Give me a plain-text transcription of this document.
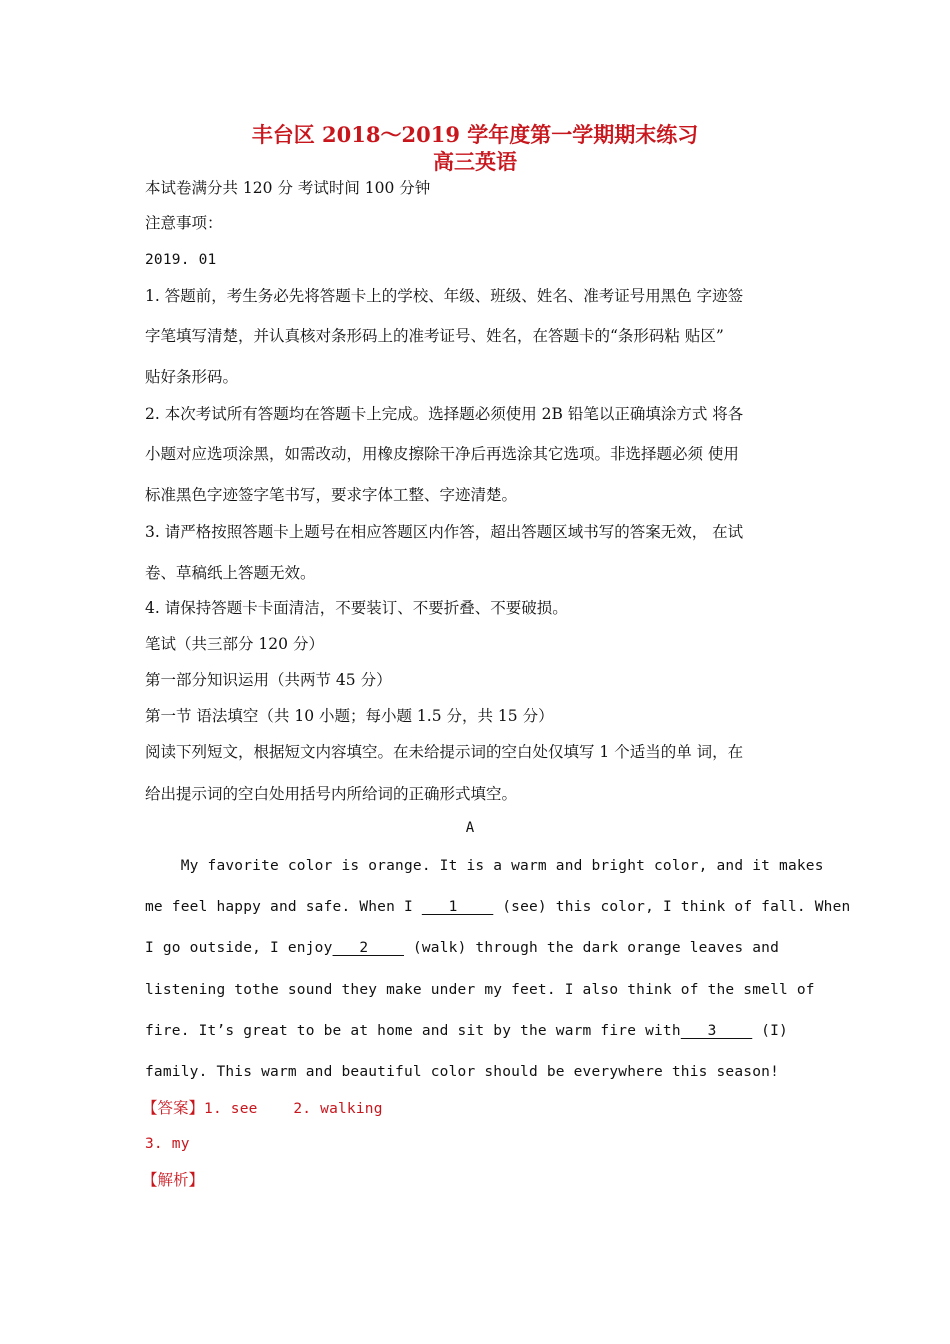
丰台区 2018～2019 学年度第一学期期末练习
高三英语
本试卷满分共 120 分 考试时间 100 分钟
注意事项：
2019. 01
1. 答题前，考生务必先将答题卡上的学校、年级、班级、姓名、准考证号用黑色 字迹签
字笔填写清楚，并认真核对条形码上的准考证号、姓名，在答题卡的“条形码粘 贴区”
贴好条形码。
2. 本次考试所有答题均在答题卡上完成。选择题必须使用 2B 铅笔以正确填涂方式 将各
小题对应选项涂黑，如需改动，用橡皮擦除干净后再选涂其它选项。非选择题必须 使用
标准黑色字迹签字笔书写，要求字体工整、字迹清楚。
3. 请严格按照答题卡上题号在相应答题区内作答，超出答题区域书写的答案无效， 在试
卷、草稿纸上答题无效。
4. 请保持答题卡卡面清洁，不要装订、不要折叠、不要破损。
笔试（共三部分 120 分）
第一部分知识运用（共两节 45 分）
第一节 语法填空（共 10 小题；每小题 1.5 分，共 15 分）
阅读下列短文，根据短文内容填空。在未给提示词的空白处仅填写 1 个适当的单 词，在
给出提示词的空白处用括号内所给词的正确形式填空。
A
My favorite color is orange. It is a warm and bright color, and it makes
me feel happy and safe. When I    1     (see) this color, I think of fall. When
I go outside, I enjoy   2     (walk) through the dark orange leaves and
listening tothe sound they make under my feet. I also think of the smell of
fire. It’s great to be at home and sit by the warm fire with   3     (I)
family. This warm and beautiful color should be everywhere this season!
【答案】1. see 2. walking
3. my
【解析】
